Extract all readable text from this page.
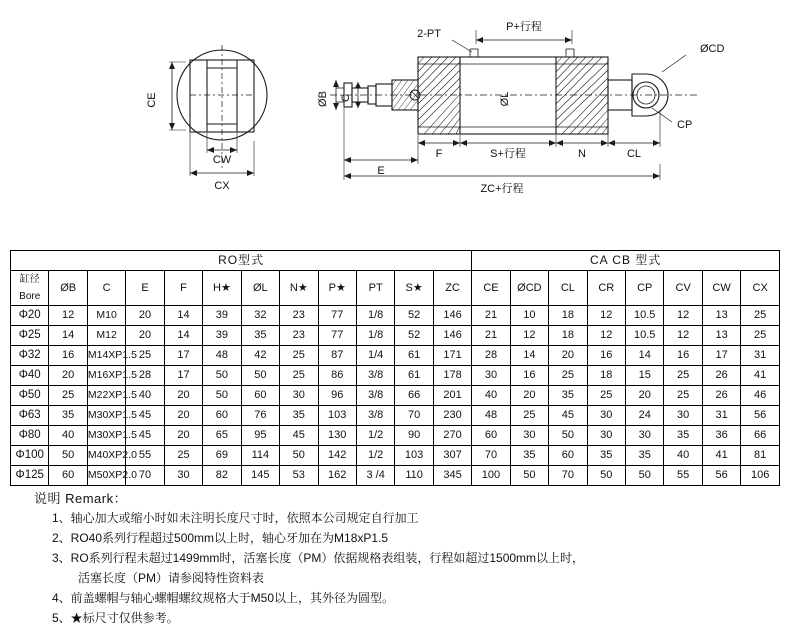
CE
CW
CX
2-PT
P+行程
ØCD
CP
ØB C	ØL
F	S+行程	N	CL
E
ZC+行程
RO型式												CA CB 型式							
缸径Bore	ØB	C	E	F	H★	ØL	N★	P★	PT	S★	ZC	CE	ØCD	CL	CR	CP	CV	CW	CX
Φ20	12	M10	20	14	39	32	23	77	1/8	52	146	21	10	18	12	10.5	12	13	25
Φ25	14	M12	20	14	39	35	23	77	1/8	52	146	21	12	18	12	10.5	12	13	25
Φ32	16	M14XP1.5	25	17	48	42	25	87	1/4	61	171	28	14	20	16	14	16	17	31
Φ40	20	M16XP1.5	28	17	50	50	25	86	3/8	61	178	30	16	25	18	15	25	26	41
Φ50	25	M22XP1.5	40	20	50	60	30	96	3/8	66	201	40	20	35	25	20	25	26	46
Φ63	35	M30XP1.5	45	20	60	76	35	103	3/8	70	230	48	25	45	30	24	30	31	56
Φ80	40	M30XP1.5	45	20	65	95	45	130	1/2	90	270	60	30	50	30	30	35	36	66
Φ100	50	M40XP2.0	55	25	69	114	50	142	1/2	103	307	70	35	60	35	35	40	41	81
Φ125	60	M50XP2.0	70	30	82	145	53	162	3 /4	110	345	100	50	70	50	50	55	56	106
说明 Remark：
1、轴心加大或缩小时如未注明长度尺寸时，依照本公司规定自行加工
2、RO40系列行程超过500mm以上时，轴心牙加在为M18xP1.5
3、RO系列行程未超过1499mm时，活塞长度（PM）依据规格表组装，行程如超过1500mm以上时，
活塞长度（PM）请参阅特性资料表
4、前盖螺帽与轴心螺帽螺纹规格大于M50以上，其外径为圆型。
5、★标尺寸仅供参考。
